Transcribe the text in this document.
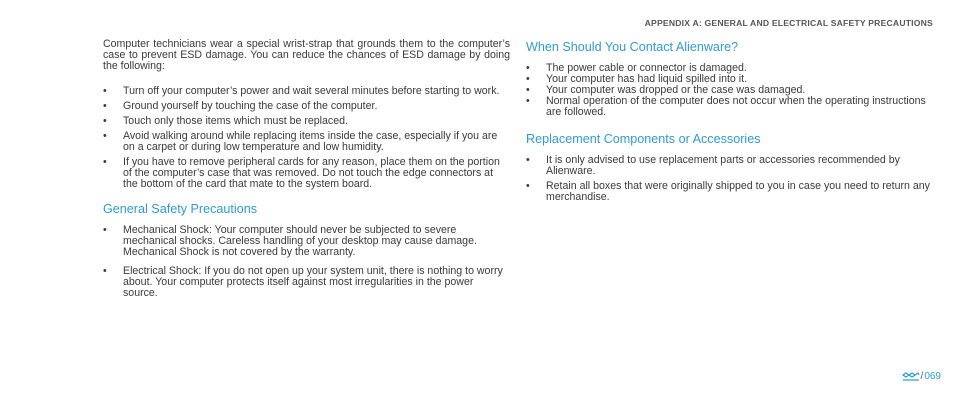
APPENDIX A: GENERAL AND ELECTRICAL SAFETY PRECAUTIONS

Computer technicians wear a special wrist-strap that grounds them to the computer’s case to prevent ESD damage. You can reduce the chances of ESD damage by doing the following:

• Turn off your computer’s power and wait several minutes before starting to work.
• Ground yourself by touching the case of the computer.
• Touch only those items which must be replaced.
• Avoid walking around while replacing items inside the case, especially if you are on a carpet or during low temperature and low humidity.
• If you have to remove peripheral cards for any reason, place them on the portion of the computer’s case that was removed. Do not touch the edge connectors at the bottom of the card that mate to the system board.
General Safety Precautions
• Mechanical Shock: Your computer should never be subjected to severe mechanical shocks. Careless handling of your desktop may cause damage. Mechanical Shock is not covered by the warranty.
• Electrical Shock: If you do not open up your system unit, there is nothing to worry about. Your computer protects itself against most irregularities in the power source.
When Should You Contact Alienware?
• The power cable or connector is damaged.
• Your computer has had liquid spilled into it.
• Your computer was dropped or the case was damaged.
• Normal operation of the computer does not occur when the operating instructions are followed.
Replacement Components or Accessories
• It is only advised to use replacement parts or accessories recommended by Alienware.
• Retain all boxes that were originally shipped to you in case you need to return any merchandise.
/ 069
